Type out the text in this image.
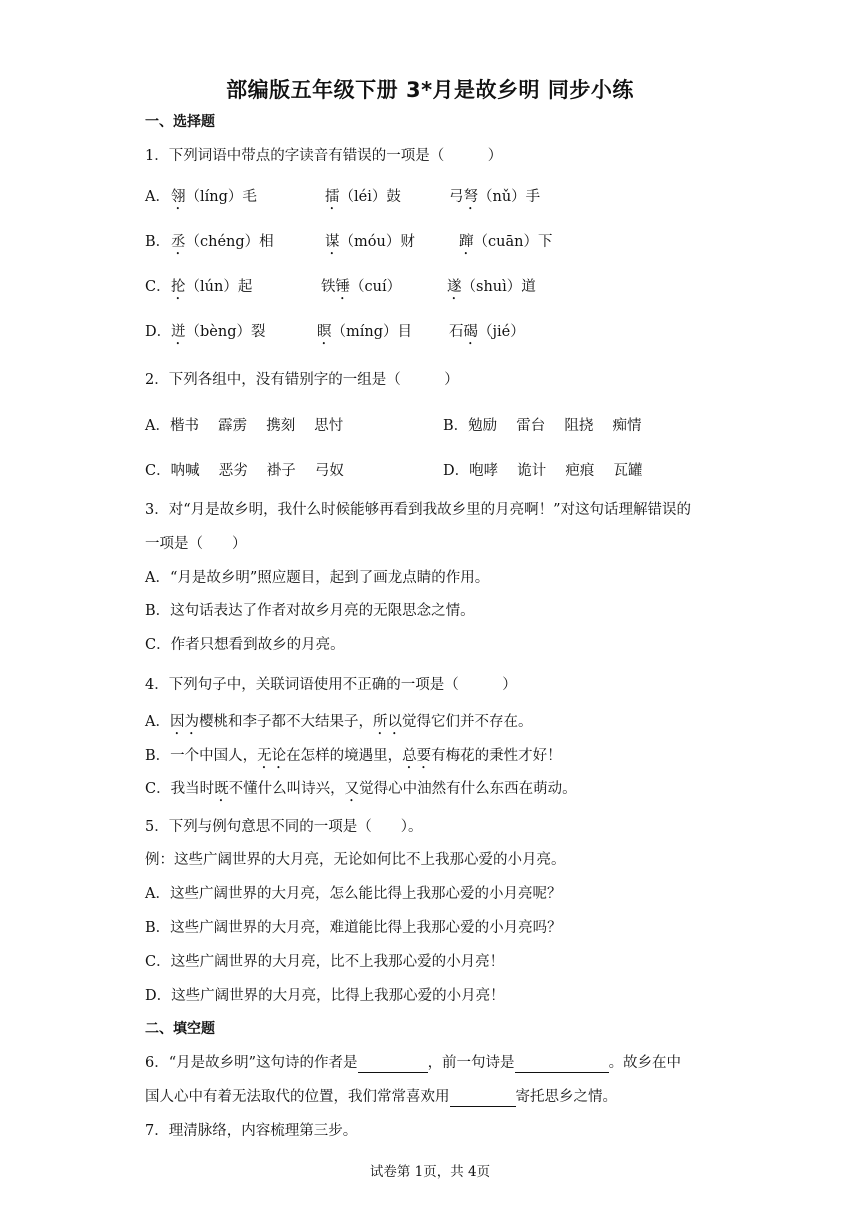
部编版五年级下册 3*月是故乡明 同步小练
一、选择题
1．下列词语中带点的字读音有错误的一项是（　　　）
A． 翎（líng）毛	擂（léi）鼓	弓弩（nǔ）手
B． 丞（chéng）相	谋（móu）财	蹿（cuān）下
C． 抡（lún）起	铁锤（cuí）	遂（shuì）道
D． 迸（bèng）裂	瞑（míng）目	石碣（jié）
2．下列各组中，没有错别字的一组是（　　　）
A．楷书　 霹雳　 携刻　 思忖	B．勉励　 雷台　 阻挠　 痴情
C．呐喊　 恶劣　 褂子　 弓奴	D．咆哮　 诡计　 疤痕　 瓦罐
3．对“月是故乡明，我什么时候能够再看到我故乡里的月亮啊！”对这句话理解错误的
一项是（　　）
A．“月是故乡明”照应题目，起到了画龙点睛的作用。
B．这句话表达了作者对故乡月亮的无限思念之情。
C．作者只想看到故乡的月亮。
4．下列句子中，关联词语使用不正确的一项是（　　　）
A．因为樱桃和李子都不大结果子，所以觉得它们并不存在。
B．一个中国人，无论在怎样的境遇里，总要有梅花的秉性才好！
C．我当时既不懂什么叫诗兴，又觉得心中油然有什么东西在萌动。
5．下列与例句意思不同的一项是（　　）。
例：这些广阔世界的大月亮，无论如何比不上我那心爱的小月亮。
A．这些广阔世界的大月亮，怎么能比得上我那心爱的小月亮呢？
B．这些广阔世界的大月亮，难道能比得上我那心爱的小月亮吗？
C．这些广阔世界的大月亮，比不上我那心爱的小月亮！
D．这些广阔世界的大月亮，比得上我那心爱的小月亮！
二、填空题
6．“月是故乡明”这句诗的作者是	，前一句诗是	。故乡在中
国人心中有着无法取代的位置，我们常常喜欢用	寄托思乡之情。
7．理清脉络，内容梳理第三步。
试卷第 1页，共 4页
